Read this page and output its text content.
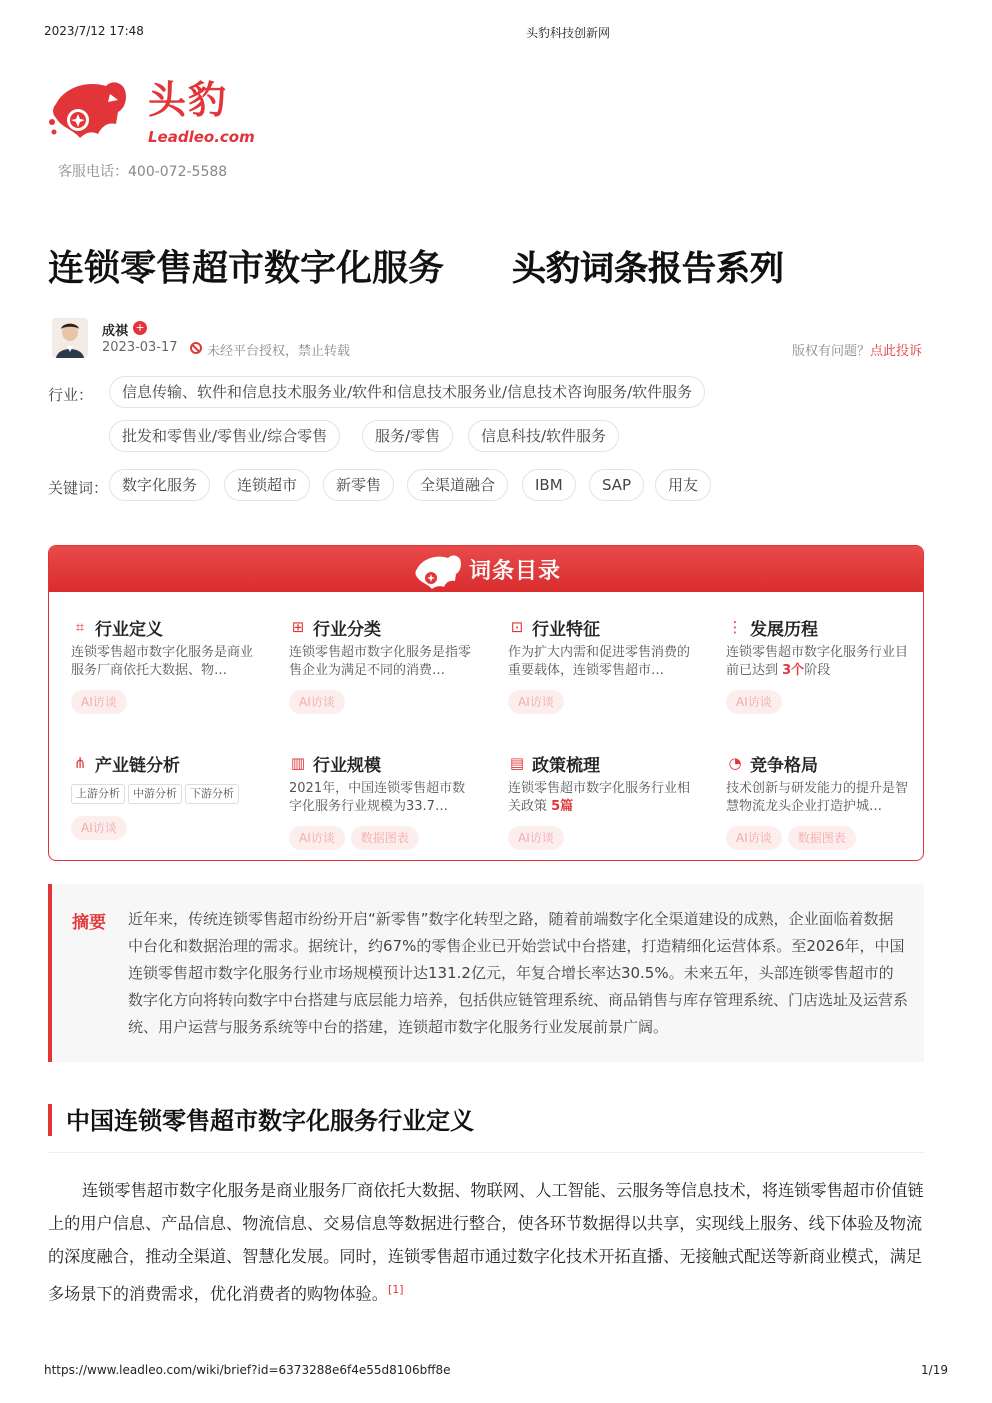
2023/7/12 17:48	头豹科技创新网
头豹
Leadleo.com
客服电话：400-072-5588
连锁零售超市数字化服务 头豹词条报告系列
成祺 +
2023-03-17 未经平台授权，禁止转载	版权有问题？点此投诉
行业：	信息传输、软件和信息技术服务业/软件和信息技术服务业/信息技术咨询服务/软件服务
批发和零售业/零售业/综合零售	服务/零售	信息科技/软件服务
关键词： 数字化服务	连锁超市	新零售	全渠道融合	IBM	SAP	用友
词条目录
⌗ 行业定义
连锁零售超市数字化服务是商业服务厂商依托大数据、物…
AI访谈
⊞ 行业分类
连锁零售超市数字化服务是指零售企业为满足不同的消费…
AI访谈
⊡ 行业特征
作为扩大内需和促进零售消费的重要载体，连锁零售超市…
AI访谈
⋮ 发展历程
连锁零售超市数字化服务行业目前已达到 3个阶段
AI访谈
⋔ 产业链分析
上游分析 中游分析 下游分析
AI访谈
▥ 行业规模
2021年，中国连锁零售超市数字化服务行业规模为33.7…
AI访谈 数据图表
▤ 政策梳理
连锁零售超市数字化服务行业相关政策 5篇
AI访谈
◔ 竞争格局
技术创新与研发能力的提升是智慧物流龙头企业打造护城…
AI访谈 数据图表
摘要 近年来，传统连锁零售超市纷纷开启“新零售”数字化转型之路，随着前端数字化全渠道建设的成熟，企业面临着数据中台化和数据治理的需求。据统计，约67%的零售企业已开始尝试中台搭建，打造精细化运营体系。至2026年，中国连锁零售超市数字化服务行业市场规模预计达131.2亿元，年复合增长率达30.5%。未来五年，头部连锁零售超市的数字化方向将转向数字中台搭建与底层能力培养，包括供应链管理系统、商品销售与库存管理系统、门店选址及运营系统、用户运营与服务系统等中台的搭建，连锁超市数字化服务行业发展前景广阔。
中国连锁零售超市数字化服务行业定义
连锁零售超市数字化服务是商业服务厂商依托大数据、物联网、人工智能、云服务等信息技术，将连锁零售超市价值链上的用户信息、产品信息、物流信息、交易信息等数据进行整合，使各环节数据得以共享，实现线上服务、线下体验及物流的深度融合，推动全渠道、智慧化发展。同时，连锁零售超市通过数字化技术开拓直播、无接触式配送等新商业模式，满足多场景下的消费需求，优化消费者的购物体验。[1]
https://www.leadleo.com/wiki/brief?id=6373288e6f4e55d8106bff8e	1/19
